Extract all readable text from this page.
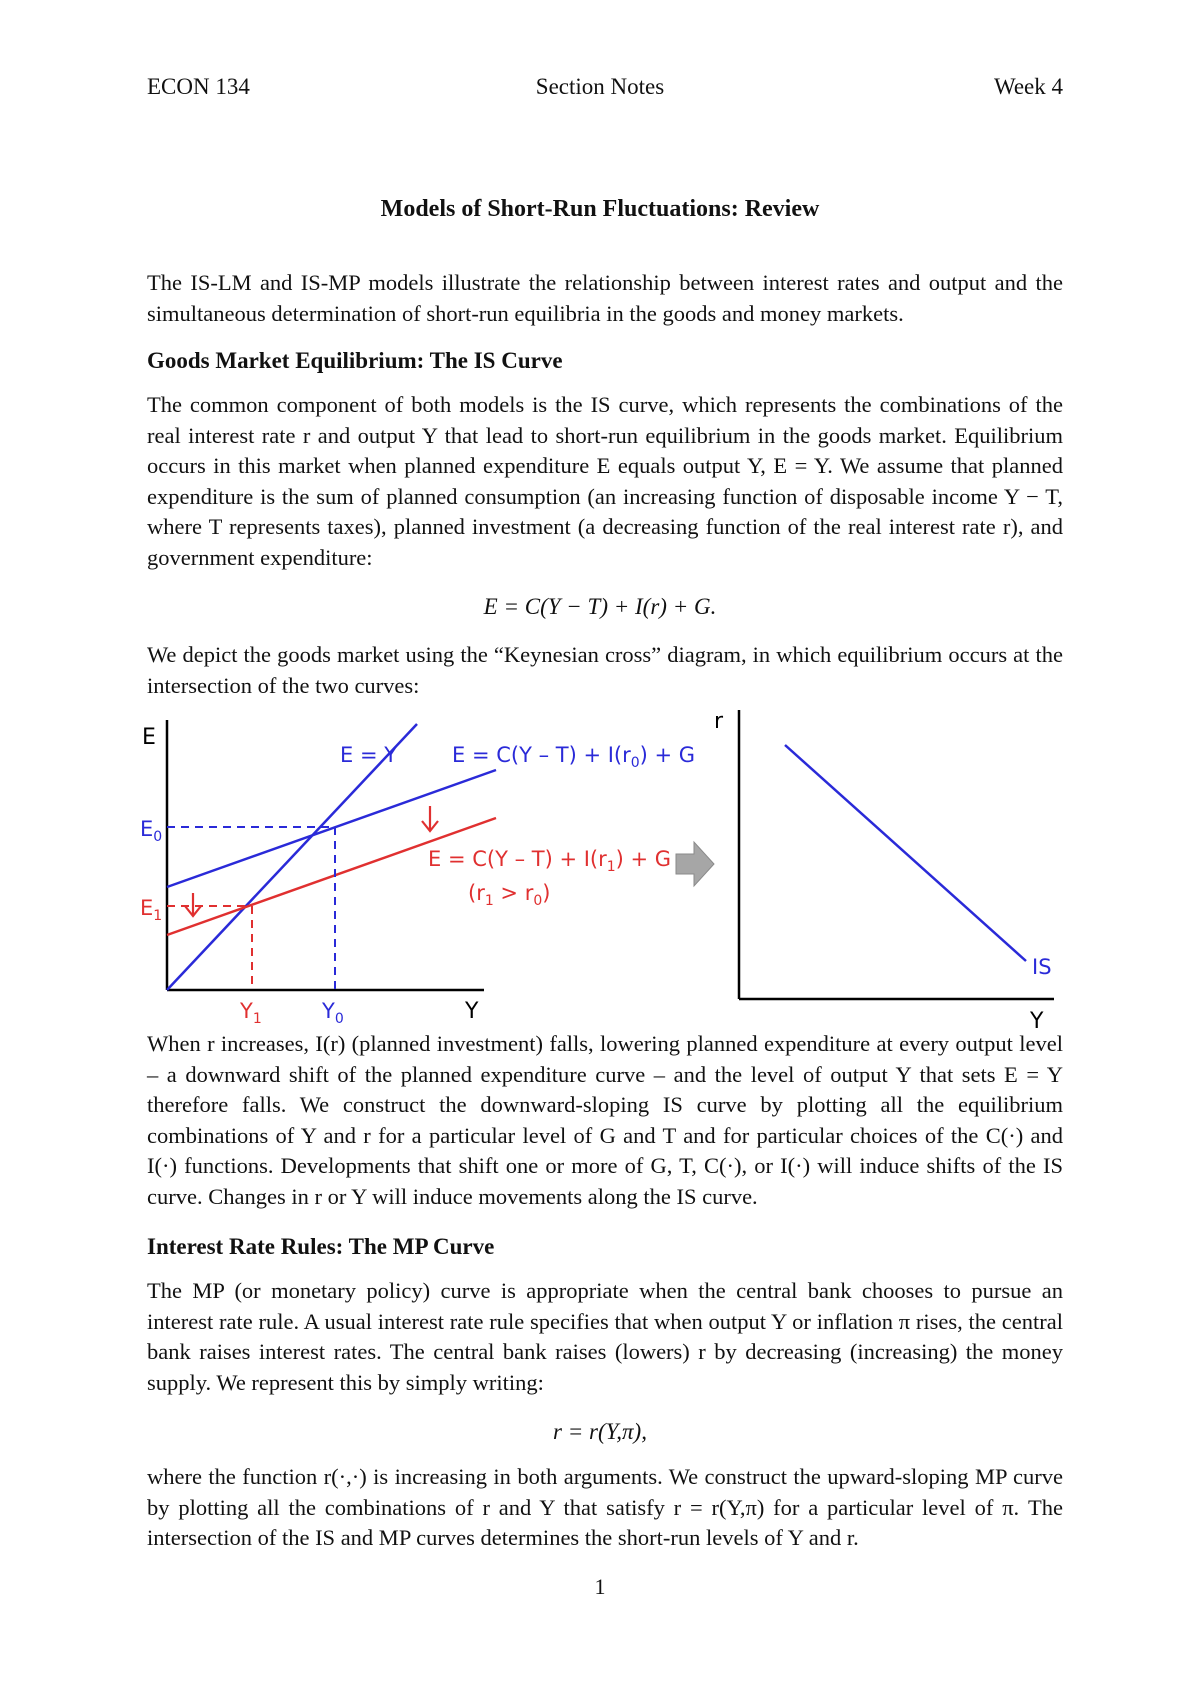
ECON 134	Section Notes	Week 4
Models of Short-Run Fluctuations: Review
The IS-LM and IS-MP models illustrate the relationship between interest rates and output and the simultaneous determination of short-run equilibria in the goods and money markets.
Goods Market Equilibrium: The IS Curve
The common component of both models is the IS curve, which represents the combinations of the real interest rate r and output Y that lead to short-run equilibrium in the goods market. Equilibrium occurs in this market when planned expenditure E equals output Y, E = Y. We assume that planned expenditure is the sum of planned consumption (an increasing function of disposable income Y − T, where T represents taxes), planned investment (a decreasing function of the real interest rate r), and government expenditure:
E = C(Y − T) + I(r) + G.
We depict the goods market using the “Keynesian cross” diagram, in which equilibrium occurs at the intersection of the two curves:
E
Y
E = Y	$E = C(Y - T) + I(r_0) + G$
$E = C(Y - T) + I(r_1) + G$
$(r_1 > r_0)$
$E_0$
$E_1$
$Y_0$
$Y_1$
r
Y
IS
When r increases, I(r) (planned investment) falls, lowering planned expenditure at every output level – a downward shift of the planned expenditure curve – and the level of output Y that sets E = Y therefore falls. We construct the downward-sloping IS curve by plotting all the equilibrium combinations of Y and r for a particular level of G and T and for particular choices of the C(·) and I(·) functions. Developments that shift one or more of G, T, C(·), or I(·) will induce shifts of the IS curve. Changes in r or Y will induce movements along the IS curve.
Interest Rate Rules: The MP Curve
The MP (or monetary policy) curve is appropriate when the central bank chooses to pursue an interest rate rule. A usual interest rate rule specifies that when output Y or inflation π rises, the central bank raises interest rates. The central bank raises (lowers) r by decreasing (increasing) the money supply. We represent this by simply writing:
r = r(Y,π),
where the function r(·,·) is increasing in both arguments. We construct the upward-sloping MP curve by plotting all the combinations of r and Y that satisfy r = r(Y,π) for a particular level of π. The intersection of the IS and MP curves determines the short-run levels of Y and r.
1
